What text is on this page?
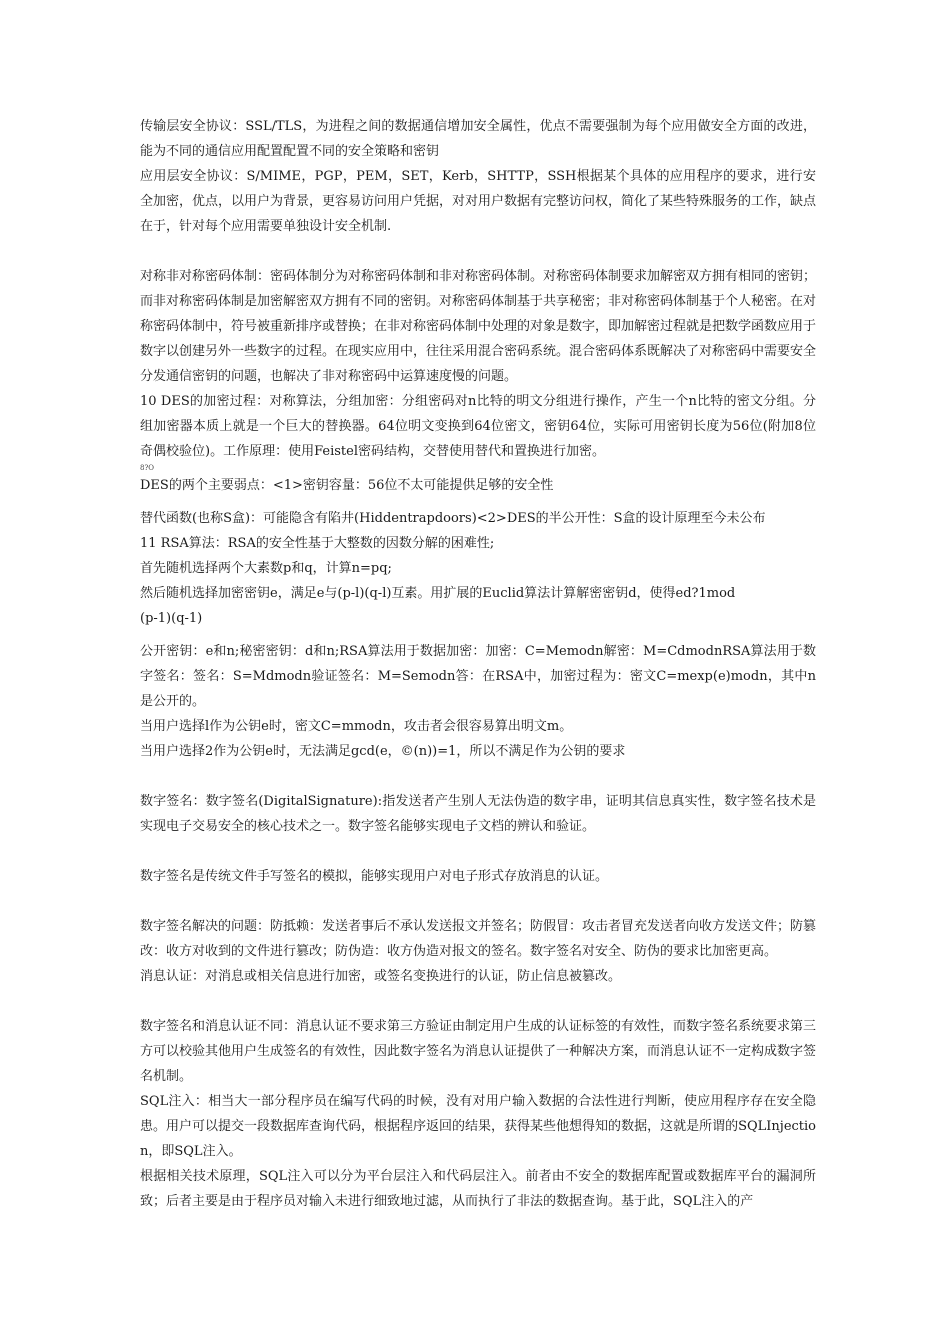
传输层安全协议：SSL/TLS，为进程之间的数据通信增加安全属性，优点不需要强制为每个应用做安全方面的改进，能为不同的通信应用配置配置不同的安全策略和密钥

应用层安全协议：S/MIME，PGP，PEM，SET，Kerb，SHTTP，SSH根据某个具体的应用程序的要求，进行安全加密，优点，以用户为背景，更容易访问用户凭据，对对用户数据有完整访问权，简化了某些特殊服务的工作，缺点在于，针对每个应用需要单独设计安全机制.

对称非对称密码体制：密码体制分为对称密码体制和非对称密码体制。对称密码体制要求加解密双方拥有相同的密钥；而非对称密码体制是加密解密双方拥有不同的密钥。对称密码体制基于共享秘密；非对称密码体制基于个人秘密。在对称密码体制中，符号被重新排序或替换；在非对称密码体制中处理的对象是数字，即加解密过程就是把数学函数应用于数字以创建另外一些数字的过程。在现实应用中，往往采用混合密码系统。混合密码体系既解决了对称密码中需要安全分发通信密钥的问题，也解决了非对称密码中运算速度慢的问题。

10 DES的加密过程：对称算法，分组加密：分组密码对n比特的明文分组进行操作，产生一个n比特的密文分组。分组加密器本质上就是一个巨大的替换器。64位明文变换到64位密文，密钥64位，实际可用密钥长度为56位(附加8位奇偶校验位)。工作原理：使用Feistel密码结构，交替使用替代和置换进行加密。

8?O

DES的两个主要弱点：<1>密钥容量：56位不太可能提供足够的安全性

替代函数(也称S盒)：可能隐含有陷井(Hiddentrapdoors)<2>DES的半公开性：S盒的设计原理至今未公布

11 RSA算法：RSA的安全性基于大整数的因数分解的困难性;

首先随机选择两个大素数p和q，计算n=pq;

然后随机选择加密密钥e，满足e与(p-l)(q-l)互素。用扩展的Euclid算法计算解密密钥d，使得ed?1mod

(p-1)(q-1)

公开密钥：e和n;秘密密钥：d和n;RSA算法用于数据加密：加密：C=Memodn解密：M=CdmodnRSA算法用于数字签名：签名：S=Mdmodn验证签名：M=Semodn答：在RSA中，加密过程为：密文C=mexp(e)modn，其中n是公开的。

当用户选择l作为公钥e时，密文C=mmodn，攻击者会很容易算出明文m。

当用户选择2作为公钥e时，无法满足gcd(e，©(n))=1，所以不满足作为公钥的要求

数字签名：数字签名(DigitalSignature):指发送者产生别人无法伪造的数字串，证明其信息真实性，数字签名技术是实现电子交易安全的核心技术之一。数字签名能够实现电子文档的辨认和验证。

数字签名是传统文件手写签名的模拟，能够实现用户对电子形式存放消息的认证。

数字签名解决的问题：防抵赖：发送者事后不承认发送报文并签名；防假冒：攻击者冒充发送者向收方发送文件；防篡改：收方对收到的文件进行篡改；防伪造：收方伪造对报文的签名。数字签名对安全、防伪的要求比加密更高。

消息认证：对消息或相关信息进行加密，或签名变换进行的认证，防止信息被篡改。

数字签名和消息认证不同：消息认证不要求第三方验证由制定用户生成的认证标签的有效性，而数字签名系统要求第三方可以校验其他用户生成签名的有效性，因此数字签名为消息认证提供了一种解决方案，而消息认证不一定构成数字签名机制。

SQL注入：相当大一部分程序员在编写代码的时候，没有对用户输入数据的合法性进行判断，使应用程序存在安全隐患。用户可以提交一段数据库查询代码，根据程序返回的结果，获得某些他想得知的数据，这就是所谓的SQLInjection，即SQL注入。

根据相关技术原理，SQL注入可以分为平台层注入和代码层注入。前者由不安全的数据库配置或数据库平台的漏洞所致；后者主要是由于程序员对输入未进行细致地过滤，从而执行了非法的数据查询。基于此，SQL注入的产
